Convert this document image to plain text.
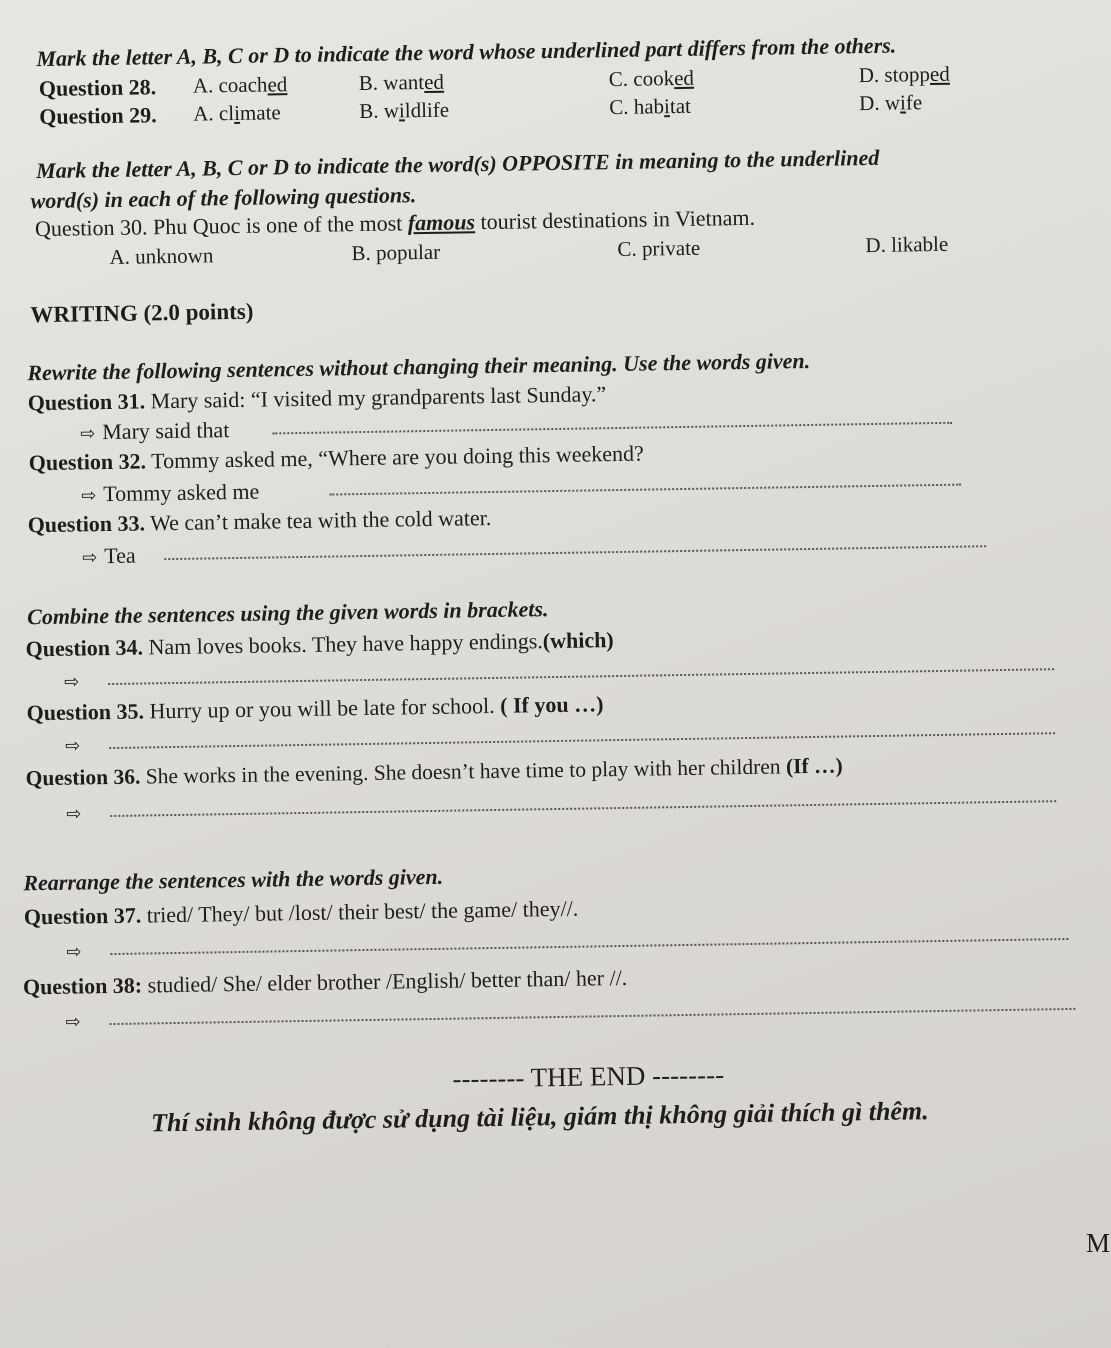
Mark the letter A, B, C or D to indicate the word whose underlined part differs from the others.
Question 28. A. coached	B. wanted	C. cooked	D. stopped
Question 29. A. climate	B. wildlife	C. habitat	D. wife
Mark the letter A, B, C or D to indicate the word(s) OPPOSITE in meaning to the underlined
word(s) in each of the following questions.
Question 30. Phu Quoc is one of the most famous tourist destinations in Vietnam.
A. unknown	B. popular	C. private	D. likable
WRITING (2.0 points)
Rewrite the following sentences without changing their meaning. Use the words given.
Question 31. Mary said: “I visited my grandparents last Sunday.”
⇨ Mary said that
Question 32. Tommy asked me, “Where are you doing this weekend?
⇨ Tommy asked me
Question 33. We can’t make tea with the cold water.
⇨ Tea
Combine the sentences using the given words in brackets.
Question 34. Nam loves books. They have happy endings.(which)
⇨
Question 35. Hurry up or you will be late for school. ( If you …)
⇨
Question 36. She works in the evening. She doesn’t have time to play with her children (If …)
⇨
Rearrange the sentences with the words given.
Question 37. tried/ They/ but /lost/ their best/ the game/ they//.
⇨
Question 38: studied/ She/ elder brother /English/ better than/ her //.
⇨
-------- THE END --------
Thí sinh không được sử dụng tài liệu, giám thị không giải thích gì thêm.
M
